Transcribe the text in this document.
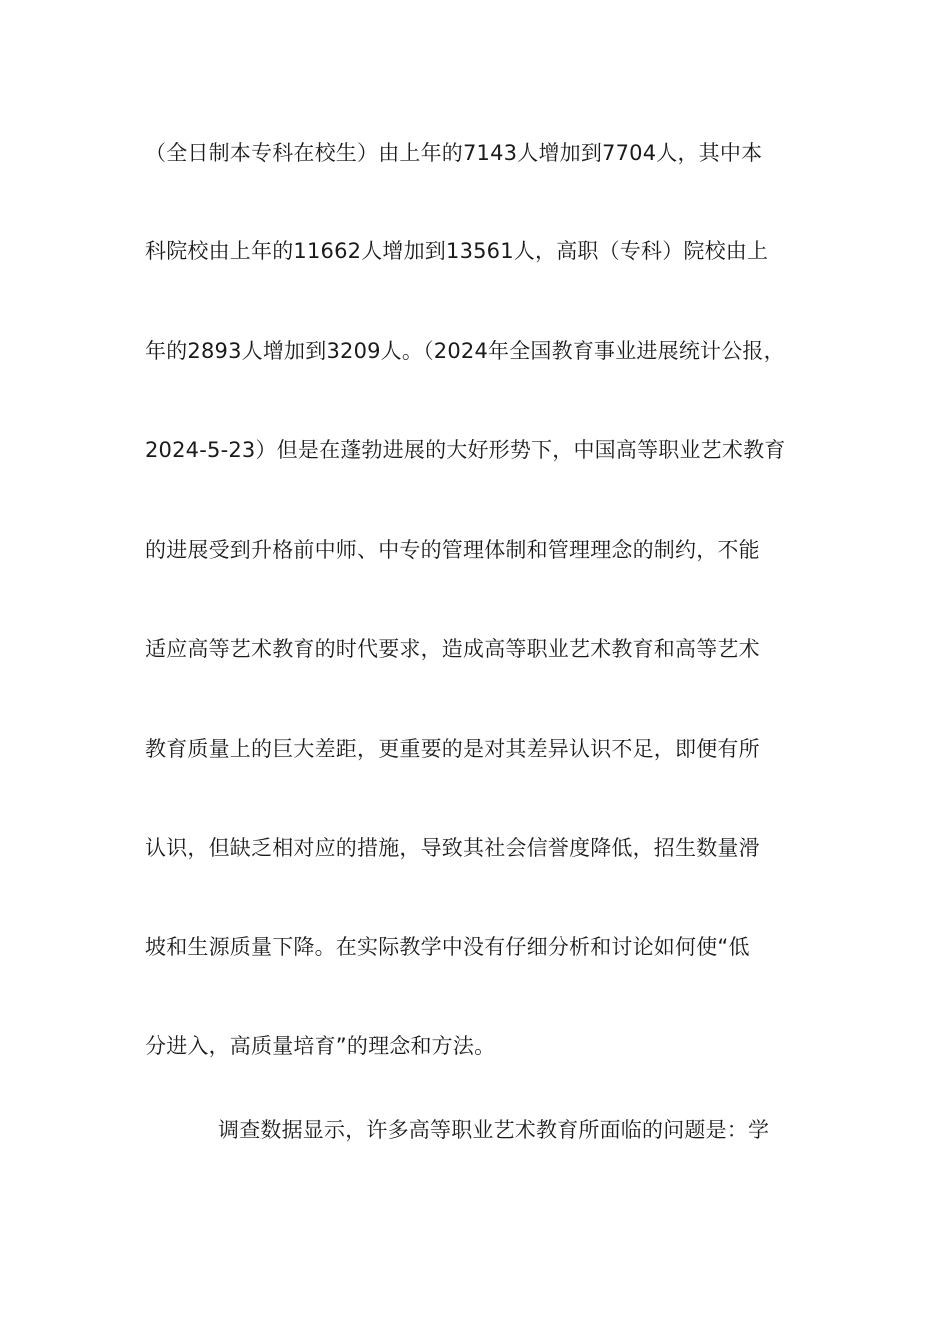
（全日制本专科在校生）由上年的7143人增加到7704人，其中本
科院校由上年的11662人增加到13561人，高职（专科）院校由上
年的2893人增加到3209人。（2024年全国教育事业进展统计公报，
2024-5-23）但是在蓬勃进展的大好形势下，中国高等职业艺术教育
的进展受到升格前中师、中专的管理体制和管理理念的制约，不能
适应高等艺术教育的时代要求，造成高等职业艺术教育和高等艺术
教育质量上的巨大差距，更重要的是对其差异认识不足，即便有所
认识，但缺乏相对应的措施，导致其社会信誉度降低，招生数量滑
坡和生源质量下降。在实际教学中没有仔细分析和讨论如何使“低
分进入，高质量培育”的理念和方法。
调查数据显示，许多高等职业艺术教育所面临的问题是：学
